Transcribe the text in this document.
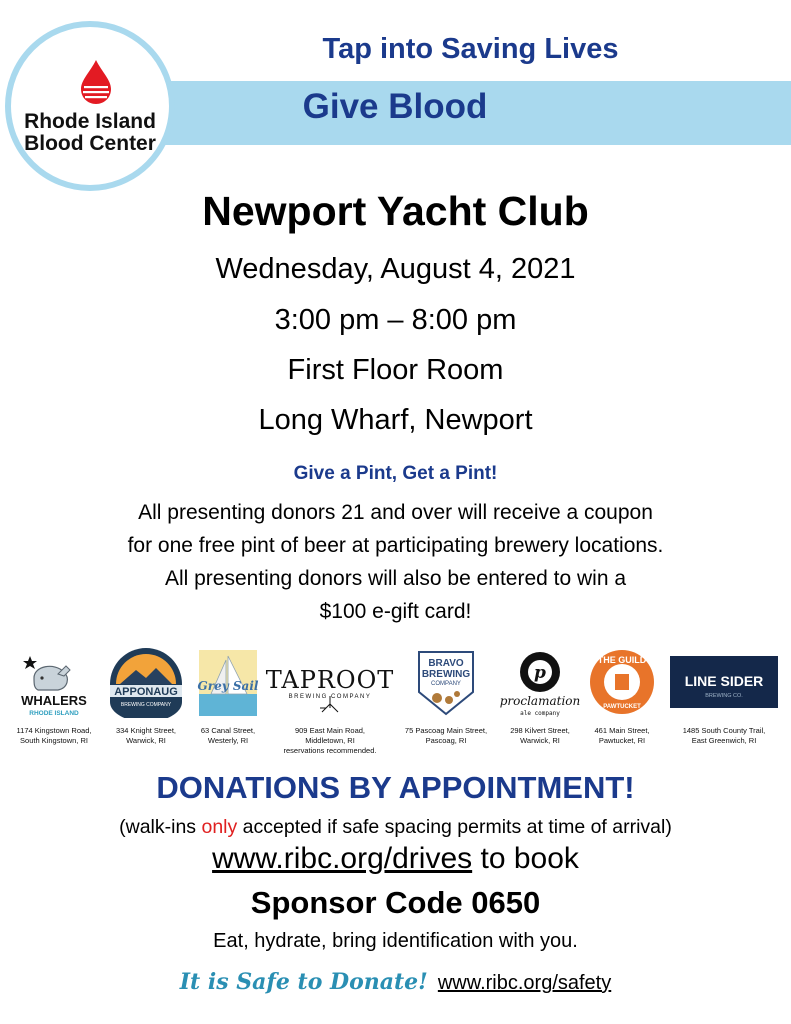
Rhode Island
Blood Center
Tap into Saving Lives
Give Blood
Newport Yacht Club
Wednesday, August 4, 2021
3:00 pm – 8:00 pm
First Floor Room
Long Wharf, Newport
Give a Pint, Get a Pint!
All presenting donors 21 and over will receive a coupon
for one free pint of beer at participating brewery locations.
All presenting donors will also be entered to win a
$100 e-gift card!
WHALERS
RHODE ISLAND
1174 Kingstown Road,
South Kingstown, RI
APPONAUG
BREWING COMPANY
334 Knight Street,
Warwick, RI
Grey Sail
63 Canal Street,
Westerly, RI
TAPROOT
BREWING COMPANY
909 East Main Road,
Middletown, RI
reservations recommended.
BRAVO
BREWING
COMPANY
75 Pascoag Main Street,
Pascoag, RI
p
proclamation
ale company
298 Kilvert Street,
Warwick, RI
THE GUILD
PAWTUCKET
461 Main Street,
Pawtucket, RI
LINE SIDER
BREWING CO.
1485 South County Trail,
East Greenwich, RI
DONATIONS BY APPOINTMENT!
(walk-ins only accepted if safe spacing permits at time of arrival)
www.ribc.org/drives to book
Sponsor Code 0650
Eat, hydrate, bring identification with you.
It is Safe to Donate! www.ribc.org/safety
